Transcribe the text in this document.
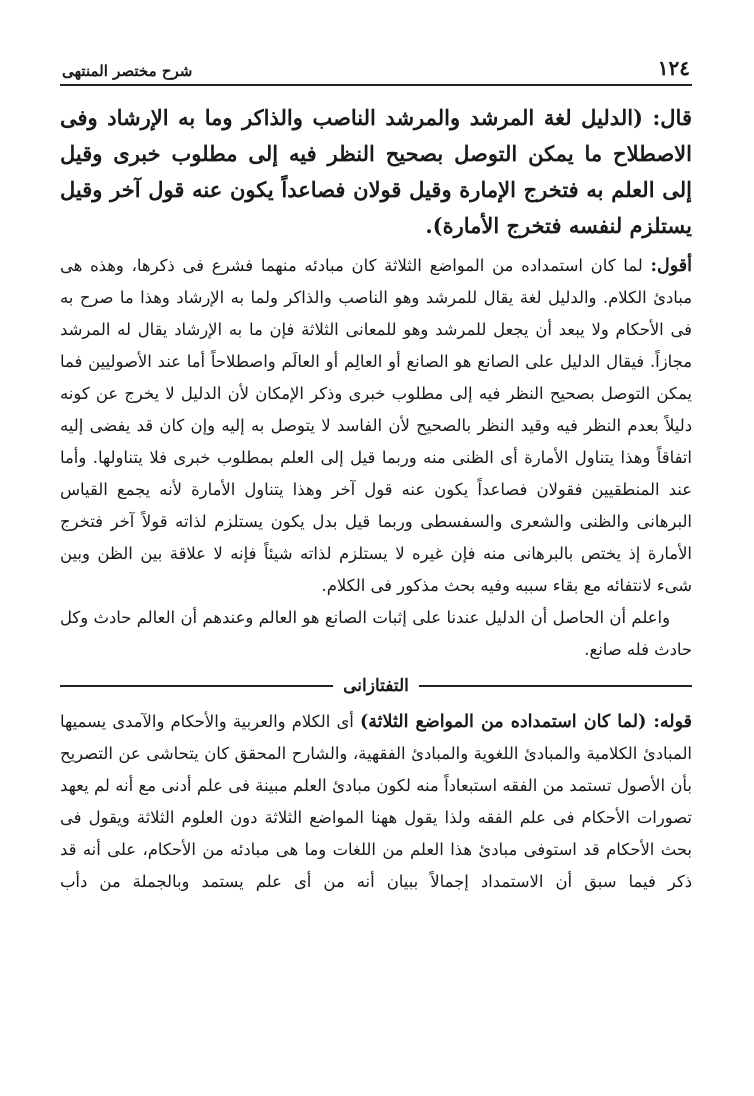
١٢٤
شرح مختصر المنتهى

قال: (الدليل لغة المرشد والمرشد الناصب والذاكر وما به الإرشاد وفى الاصطلاح ما يمكن التوصل بصحيح النظر فيه إلى مطلوب خبرى وقيل إلى العلم به فتخرج الإمارة وقيل قولان فصاعداً يكون عنه قول آخر وقيل يستلزم لنفسه فتخرج الأمارة).

أقول: لما كان استمداده من المواضع الثلاثة كان مبادئه منهما فشرع فى ذكرها، وهذه هى مبادئ الكلام. والدليل لغة يقال للمرشد وهو الناصب والذاكر ولما به الإرشاد وهذا ما صرح به فى الأحكام ولا يبعد أن يجعل للمرشد وهو للمعانى الثلاثة فإن ما به الإرشاد يقال له المرشد مجازاً. فيقال الدليل على الصانع هو الصانع أو العالِم أو العالَم واصطلاحاً أما عند الأصوليين فما يمكن التوصل بصحيح النظر فيه إلى مطلوب خبرى وذكر الإمكان لأن الدليل لا يخرج عن كونه دليلاً بعدم النظر فيه وقيد النظر بالصحيح لأن الفاسد لا يتوصل به إليه وإن كان قد يفضى إليه اتفاقاً وهذا يتناول الأمارة أى الظنى منه وربما قيل إلى العلم بمطلوب خبرى فلا يتناولها. وأما عند المنطقيين فقولان فصاعداً يكون عنه قول آخر وهذا يتناول الأمارة لأنه يجمع القياس البرهانى والظنى والشعرى والسفسطى وربما قيل بدل يكون يستلزم لذاته قولاً آخر فتخرج الأمارة إذ يختص بالبرهانى منه فإن غيره لا يستلزم لذاته شيئاً فإنه لا علاقة بين الظن وبين شىء لانتفائه مع بقاء سببه وفيه بحث مذكور فى الكلام.

واعلم أن الحاصل أن الدليل عندنا على إثبات الصانع هو العالم وعندهم أن العالم حادث وكل حادث فله صانع.

التفتازانى

قوله: (لما كان استمداده من المواضع الثلاثة) أى الكلام والعربية والأحكام والآمدى يسميها المبادئ الكلامية والمبادئ اللغوية والمبادئ الفقهية، والشارح المحقق كان يتحاشى عن التصريح بأن الأصول تستمد من الفقه استبعاداً منه لكون مبادئ العلم مبينة فى علم أدنى مع أنه لم يعهد تصورات الأحكام فى علم الفقه ولذا يقول ههنا المواضع الثلاثة دون العلوم الثلاثة ويقول فى بحث الأحكام قد استوفى مبادئ هذا العلم من اللغات وما هى مبادئه من الأحكام، على أنه قد ذكر فيما سبق أن الاستمداد إجمالاً ببيان أنه من أى علم يستمد وبالجملة من دأب
